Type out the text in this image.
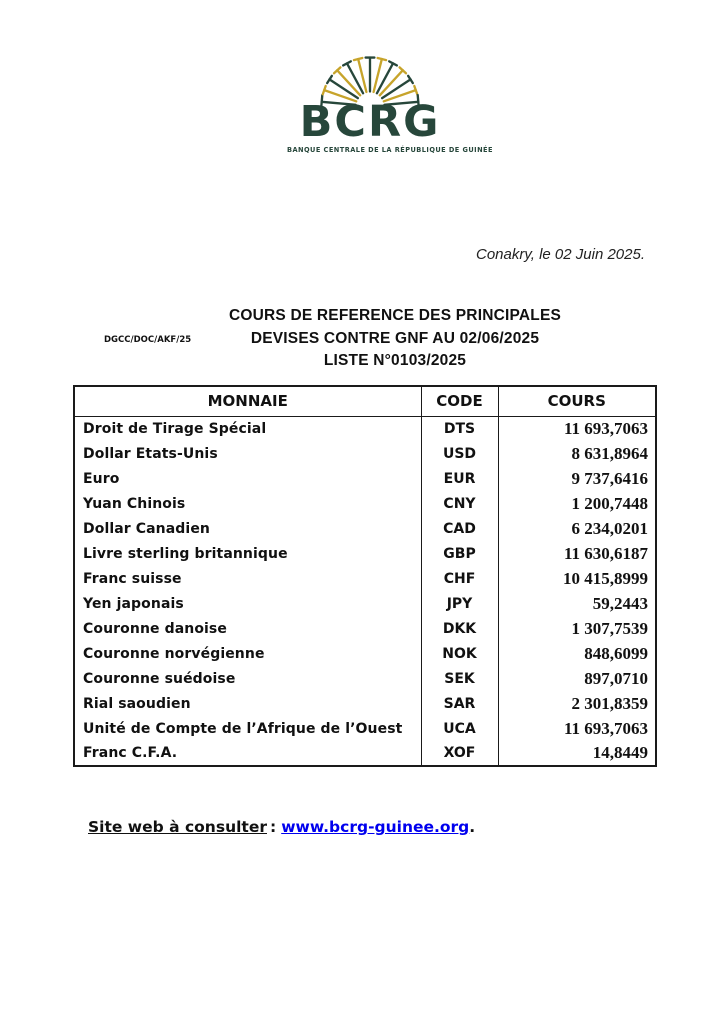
BCRG
BANQUE CENTRALE DE LA RÉPUBLIQUE DE GUINÉE
Conakry, le 02 Juin 2025.
DGCC/DOC/AKF/25
COURS DE REFERENCE DES PRINCIPALES
DEVISES CONTRE GNF AU 02/06/2025
LISTE N°0103/2025
MONNAIE	CODE	COURS
Droit de Tirage Spécial	DTS	11 693,7063
Dollar Etats-Unis	USD	8 631,8964
Euro	EUR	9 737,6416
Yuan Chinois	CNY	1 200,7448
Dollar Canadien	CAD	6 234,0201
Livre sterling britannique	GBP	11 630,6187
Franc suisse	CHF	10 415,8999
Yen japonais	JPY	59,2443
Couronne danoise	DKK	1 307,7539
Couronne norvégienne	NOK	848,6099
Couronne suédoise	SEK	897,0710
Rial saoudien	SAR	2 301,8359
Unité de Compte de l’Afrique de l’Ouest	UCA	11 693,7063
Franc C.F.A.	XOF	14,8449
Site web à consulter : www.bcrg-guinee.org.
